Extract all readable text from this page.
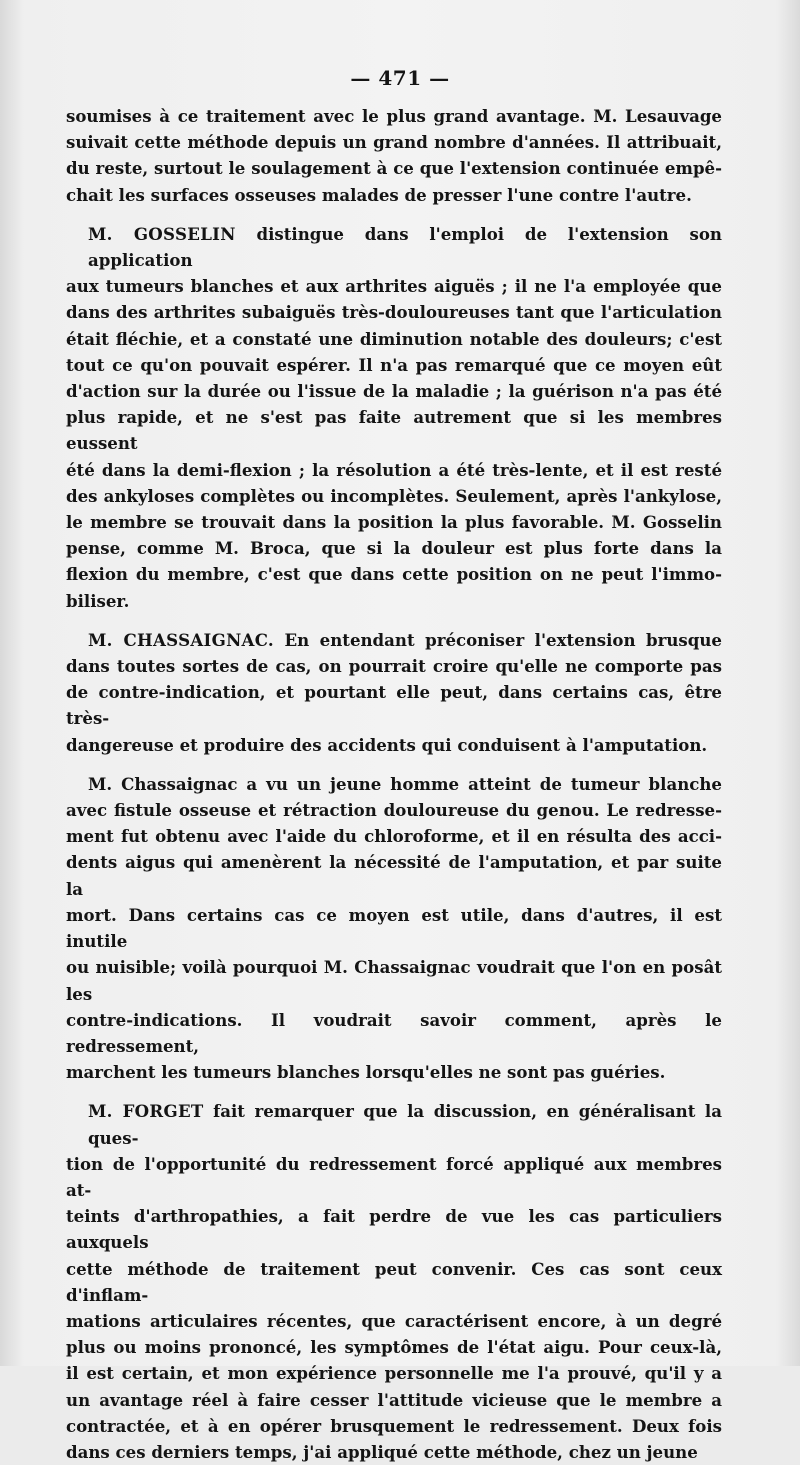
— 471 —
soumises à ce traitement avec le plus grand avantage. M. Lesauvage
suivait cette méthode depuis un grand nombre d'années. Il attribuait,
du reste, surtout le soulagement à ce que l'extension continuée empê-
chait les surfaces osseuses malades de presser l'une contre l'autre.
M. GOSSELIN distingue dans l'emploi de l'extension son application
aux tumeurs blanches et aux arthrites aiguës ; il ne l'a employée que
dans des arthrites subaiguës très-douloureuses tant que l'articulation
était fléchie, et a constaté une diminution notable des douleurs; c'est
tout ce qu'on pouvait espérer. Il n'a pas remarqué que ce moyen eût
d'action sur la durée ou l'issue de la maladie ; la guérison n'a pas été
plus rapide, et ne s'est pas faite autrement que si les membres eussent
été dans la demi-flexion ; la résolution a été très-lente, et il est resté
des ankyloses complètes ou incomplètes. Seulement, après l'ankylose,
le membre se trouvait dans la position la plus favorable. M. Gosselin
pense, comme M. Broca, que si la douleur est plus forte dans la
flexion du membre, c'est que dans cette position on ne peut l'immo-
biliser.
M. CHASSAIGNAC. En entendant préconiser l'extension brusque
dans toutes sortes de cas, on pourrait croire qu'elle ne comporte pas
de contre-indication, et pourtant elle peut, dans certains cas, être très-
dangereuse et produire des accidents qui conduisent à l'amputation.
M. Chassaignac a vu un jeune homme atteint de tumeur blanche
avec fistule osseuse et rétraction douloureuse du genou. Le redresse-
ment fut obtenu avec l'aide du chloroforme, et il en résulta des acci-
dents aigus qui amenèrent la nécessité de l'amputation, et par suite la
mort. Dans certains cas ce moyen est utile, dans d'autres, il est inutile
ou nuisible; voilà pourquoi M. Chassaignac voudrait que l'on en posât les
contre-indications. Il voudrait savoir comment, après le redressement,
marchent les tumeurs blanches lorsqu'elles ne sont pas guéries.
M. FORGET fait remarquer que la discussion, en généralisant la ques-
tion de l'opportunité du redressement forcé appliqué aux membres at-
teints d'arthropathies, a fait perdre de vue les cas particuliers auxquels
cette méthode de traitement peut convenir. Ces cas sont ceux d'inflam-
mations articulaires récentes, que caractérisent encore, à un degré
plus ou moins prononcé, les symptômes de l'état aigu. Pour ceux-là,
il est certain, et mon expérience personnelle me l'a prouvé, qu'il y a
un avantage réel à faire cesser l'attitude vicieuse que le membre a
contractée, et à en opérer brusquement le redressement. Deux fois
dans ces derniers temps, j'ai appliqué cette méthode, chez un jeune
